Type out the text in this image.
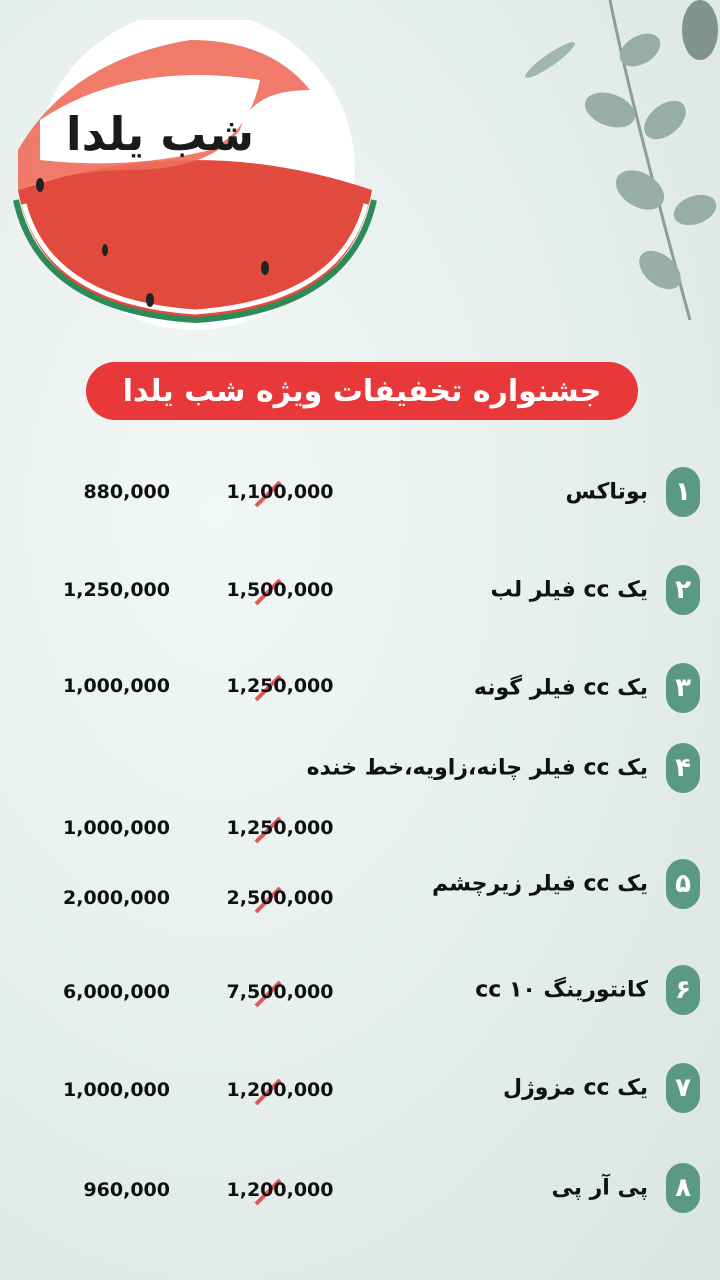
شب یلدا
جشنواره تخفیفات ویژه شب یلدا
۱
بوتاکس
1,100,000
880,000
۲
یک cc فیلر لب
1,500,000
1,250,000
۳
یک cc فیلر گونه
1,250,000
1,000,000
۴
یک cc فیلر چانه،زاویه،خط خنده
1,250,000
1,000,000
۵
یک cc فیلر زیرچشم
2,500,000
2,000,000
۶
کانتورینگ ۱۰ cc
7,500,000
6,000,000
۷
یک cc مزوژل
1,200,000
1,000,000
۸
پی آر پی
1,200,000
960,000
